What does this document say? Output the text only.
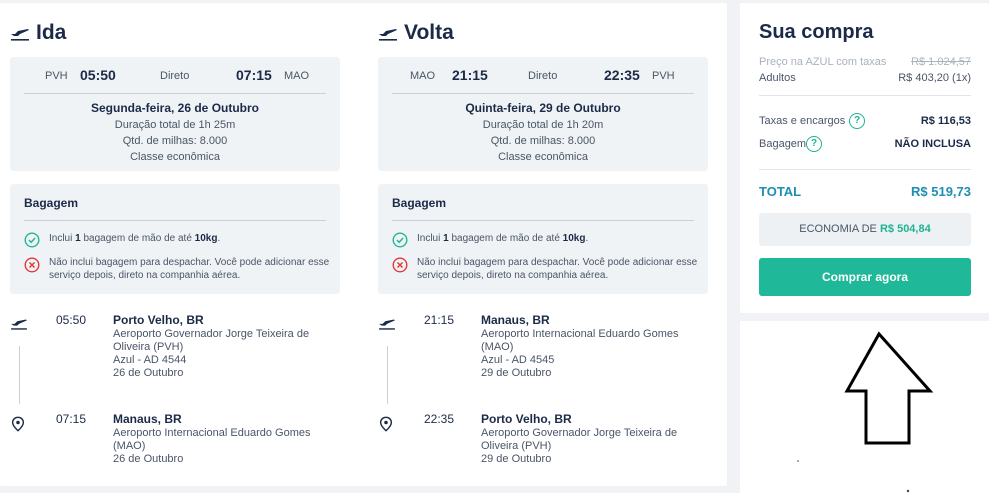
Ida
PVH 05:50	Direto	07:15 MAO
Segunda-feira, 26 de Outubro
Duração total de 1h 25m
Qtd. de milhas: 8.000
Classe econômica
Bagagem
Inclui 1 bagagem de mão de até 10kg.
Não inclui bagagem para despachar. Você pode adicionar esse serviço depois, direto na companhia aérea.
05:50 Porto Velho, BR
Aeroporto Governador Jorge Teixeira de Oliveira (PVH)
Azul - AD 4544
26 de Outubro
07:15 Manaus, BR
Aeroporto Internacional Eduardo Gomes (MAO)
26 de Outubro
Volta
MAO 21:15	Direto	22:35 PVH
Quinta-feira, 29 de Outubro
Duração total de 1h 20m
Qtd. de milhas: 8.000
Classe econômica
Bagagem
Inclui 1 bagagem de mão de até 10kg.
Não inclui bagagem para despachar. Você pode adicionar esse serviço depois, direto na companhia aérea.
21:15 Manaus, BR
Aeroporto Internacional Eduardo Gomes (MAO)
Azul - AD 4545
29 de Outubro
22:35 Porto Velho, BR
Aeroporto Governador Jorge Teixeira de Oliveira (PVH)
29 de Outubro
Sua compra
Preço na AZUL com taxas R$ 1.024,57
Adultos	R$ 403,20 (1x)
Taxas e encargos ?	R$ 116,53
Bagagem ?	NÃO INCLUSA
TOTAL	R$ 519,73
ECONOMIA DE R$ 504,84
Comprar agora
